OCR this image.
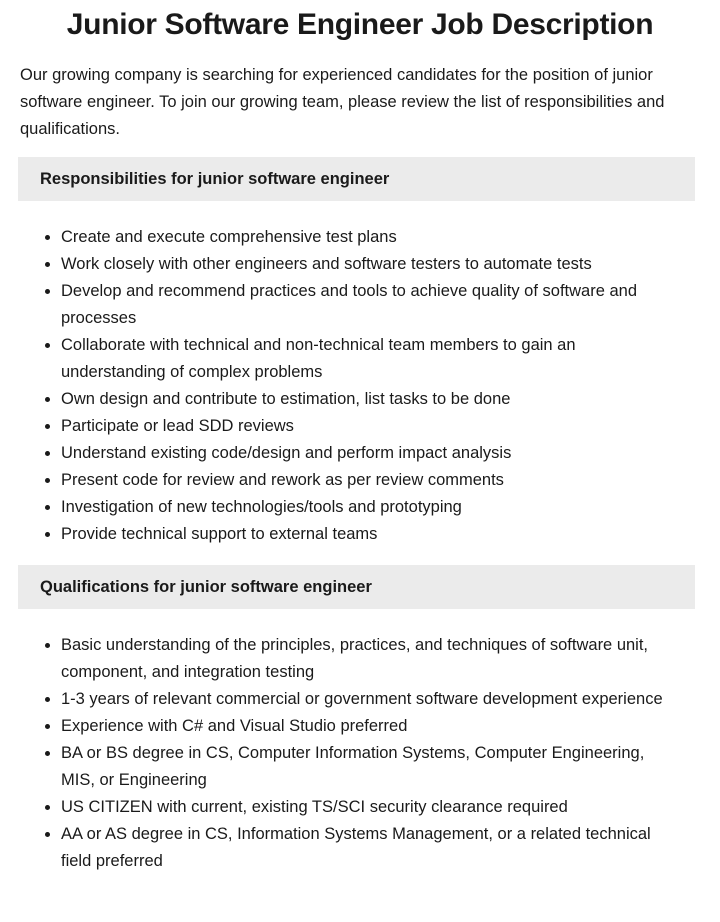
Junior Software Engineer Job Description

Our growing company is searching for experienced candidates for the position of junior software engineer. To join our growing team, please review the list of responsibilities and qualifications.

Responsibilities for junior software engineer
Create and execute comprehensive test plans
Work closely with other engineers and software testers to automate tests
Develop and recommend practices and tools to achieve quality of software and processes
Collaborate with technical and non-technical team members to gain an understanding of complex problems
Own design and contribute to estimation, list tasks to be done
Participate or lead SDD reviews
Understand existing code/design and perform impact analysis
Present code for review and rework as per review comments
Investigation of new technologies/tools and prototyping
Provide technical support to external teams
Qualifications for junior software engineer
Basic understanding of the principles, practices, and techniques of software unit, component, and integration testing
1-3 years of relevant commercial or government software development experience
Experience with C# and Visual Studio preferred
BA or BS degree in CS, Computer Information Systems, Computer Engineering, MIS, or Engineering
US CITIZEN with current, existing TS/SCI security clearance required
AA or AS degree in CS, Information Systems Management, or a related technical field preferred
